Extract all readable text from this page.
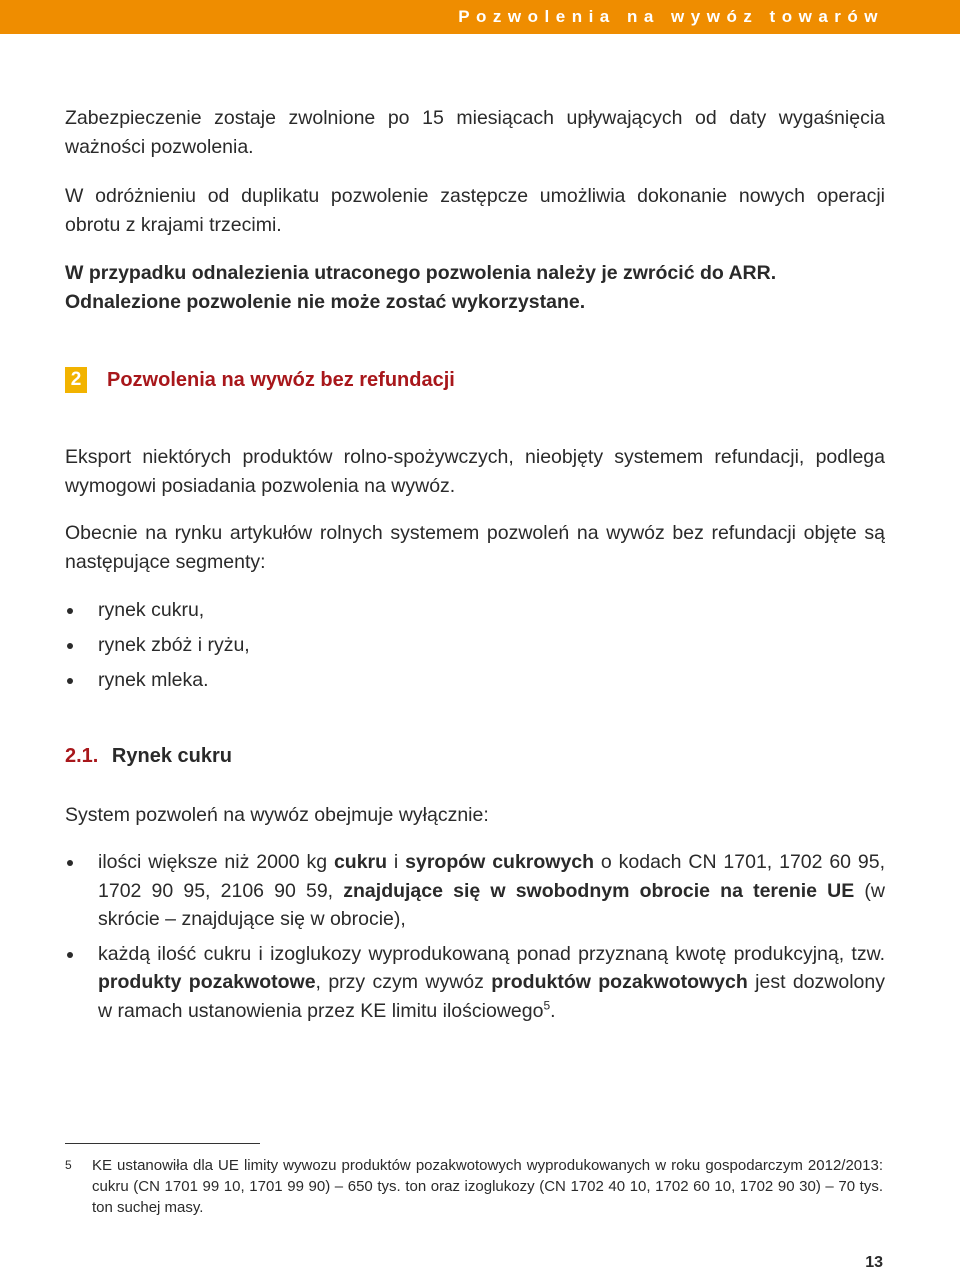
Pozwolenia na wywóz towarów

Zabezpieczenie zostaje zwolnione po 15 miesiącach upływających od daty wygaśnięcia ważności pozwolenia.

W odróżnieniu od duplikatu pozwolenie zastępcze umożliwia dokonanie nowych operacji obrotu z krajami trzecimi.

W przypadku odnalezienia utraconego pozwolenia należy je zwrócić do ARR. Odnalezione pozwolenie nie może zostać wykorzystane.

2 Pozwolenia na wywóz bez refundacji

Eksport niektórych produktów rolno-spożywczych, nieobjęty systemem refundacji, podlega wymogowi posiadania pozwolenia na wywóz.

Obecnie na rynku artykułów rolnych systemem pozwoleń na wywóz bez refundacji objęte są następujące segmenty:

rynek cukru,
rynek zbóż i ryżu,
rynek mleka.
2.1. Rynek cukru

System pozwoleń na wywóz obejmuje wyłącznie:

ilości większe niż 2000 kg cukru i syropów cukrowych o kodach CN 1701, 1702 60 95, 1702 90 95, 2106 90 59, znajdujące się w swobodnym obrocie na terenie UE (w skrócie – znajdujące się w obrocie),
każdą ilość cukru i izoglukozy wyprodukowaną ponad przyznaną kwotę produkcyjną, tzw. produkty pozakwotowe, przy czym wywóz produktów pozakwotowych jest dozwolony w ramach ustanowienia przez KE limitu ilościowego$^5$.
5 KE ustanowiła dla UE limity wywozu produktów pozakwotowych wyprodukowanych w roku gospodarczym 2012/2013: cukru (CN 1701 99 10, 1701 99 90) – 650 tys. ton oraz izoglukozy (CN 1702 40 10, 1702 60 10, 1702 90 30) – 70 tys. ton suchej masy.
13
